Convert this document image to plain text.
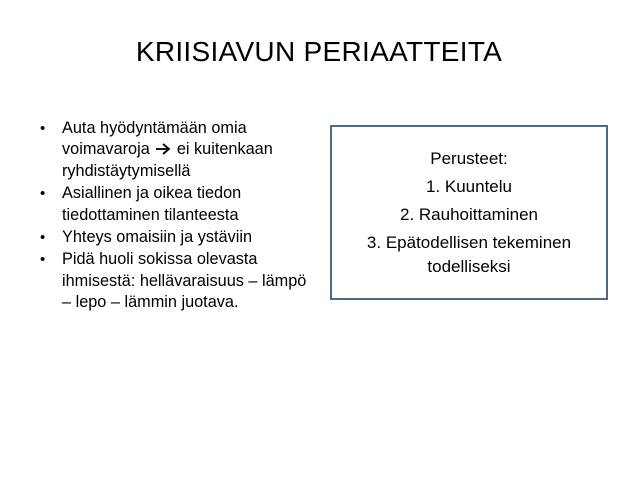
KRIISIAVUN PERIAATTEITA
• Auta hyödyntämään omia voimavaroja ei kuitenkaan ryhdistäytymisellä
• Asiallinen ja oikea tiedon tiedottaminen tilanteesta
• Yhteys omaisiin ja ystäviin
• Pidä huoli sokissa olevasta ihmisestä: hellävaraisuus – lämpö – lepo – lämmin juotava.

Perusteet:

1. Kuuntelu

2. Rauhoittaminen

3. Epätodellisen tekeminen todelliseksi
